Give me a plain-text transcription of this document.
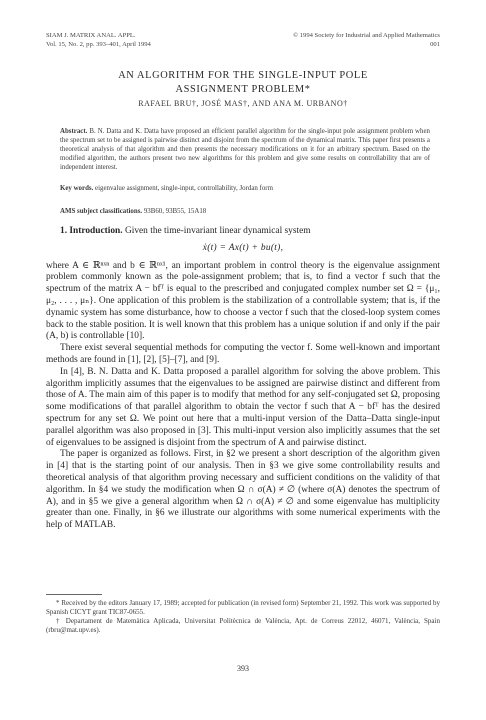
SIAM J. MATRIX ANAL. APPL.
Vol. 15, No. 2, pp. 393–401, April 1994
© 1994 Society for Industrial and Applied Mathematics
001
AN ALGORITHM FOR THE SINGLE-INPUT POLE
ASSIGNMENT PROBLEM*
RAFAEL BRU†, JOSÉ MAS†, AND ANA M. URBANO†
Abstract. B. N. Datta and K. Datta have proposed an efficient parallel algorithm for the single-input pole assignment problem when the spectrum set to be assigned is pairwise distinct and disjoint from the spectrum of the dynamical matrix. This paper first presents a theoretical analysis of that algorithm and then presents the necessary modifications on it for an arbitrary spectrum. Based on the modified algorithm, the authors present two new algorithms for this problem and give some results on controllability that are of independent interest.
Key words. eigenvalue assignment, single-input, controllability, Jordan form
AMS subject classifications. 93B60, 93B55, 15A18

1. Introduction. Given the time-invariant linear dynamical system

ẋ(t) = Ax(t) + bu(t),

where A ∈ ℝⁿˣⁿ and b ∈ ℝⁿˣ¹, an important problem in control theory is the eigenvalue assignment problem commonly known as the pole-assignment problem; that is, to find a vector f such that the spectrum of the matrix A − bfᵀ is equal to the prescribed and conjugated complex number set Ω = {μ₁, μ₂, . . . , μₙ}. One application of this problem is the stabilization of a controllable system; that is, if the dynamic system has some disturbance, how to choose a vector f such that the closed-loop system comes back to the stable position. It is well known that this problem has a unique solution if and only if the pair (A, b) is controllable [10].

There exist several sequential methods for computing the vector f. Some well-known and important methods are found in [1], [2], [5]–[7], and [9].

In [4], B. N. Datta and K. Datta proposed a parallel algorithm for solving the above problem. This algorithm implicitly assumes that the eigenvalues to be assigned are pairwise distinct and different from those of A. The main aim of this paper is to modify that method for any self-conjugated set Ω, proposing some modifications of that parallel algorithm to obtain the vector f such that A − bfᵀ has the desired spectrum for any set Ω. We point out here that a multi-input version of the Datta–Datta single-input parallel algorithm was also proposed in [3]. This multi-input version also implicitly assumes that the set of eigenvalues to be assigned is disjoint from the spectrum of A and pairwise distinct.

The paper is organized as follows. First, in §2 we present a short description of the algorithm given in [4] that is the starting point of our analysis. Then in §3 we give some controllability results and theoretical analysis of that algorithm proving necessary and sufficient conditions on the validity of that algorithm. In §4 we study the modification when Ω ∩ σ(A) ≠ ∅ (where σ(A) denotes the spectrum of A), and in §5 we give a general algorithm when Ω ∩ σ(A) ≠ ∅ and some eigenvalue has multiplicity greater than one. Finally, in §6 we illustrate our algorithms with some numerical experiments with the help of MATLAB.

* Received by the editors January 17, 1989; accepted for publication (in revised form) September 21, 1992. This work was supported by Spanish CICYT grant TIC87-0655.

† Departament de Matemàtica Aplicada, Universitat Politècnica de València, Apt. de Correus 22012, 46071, València, Spain (rbru@mat.upv.es).

393
